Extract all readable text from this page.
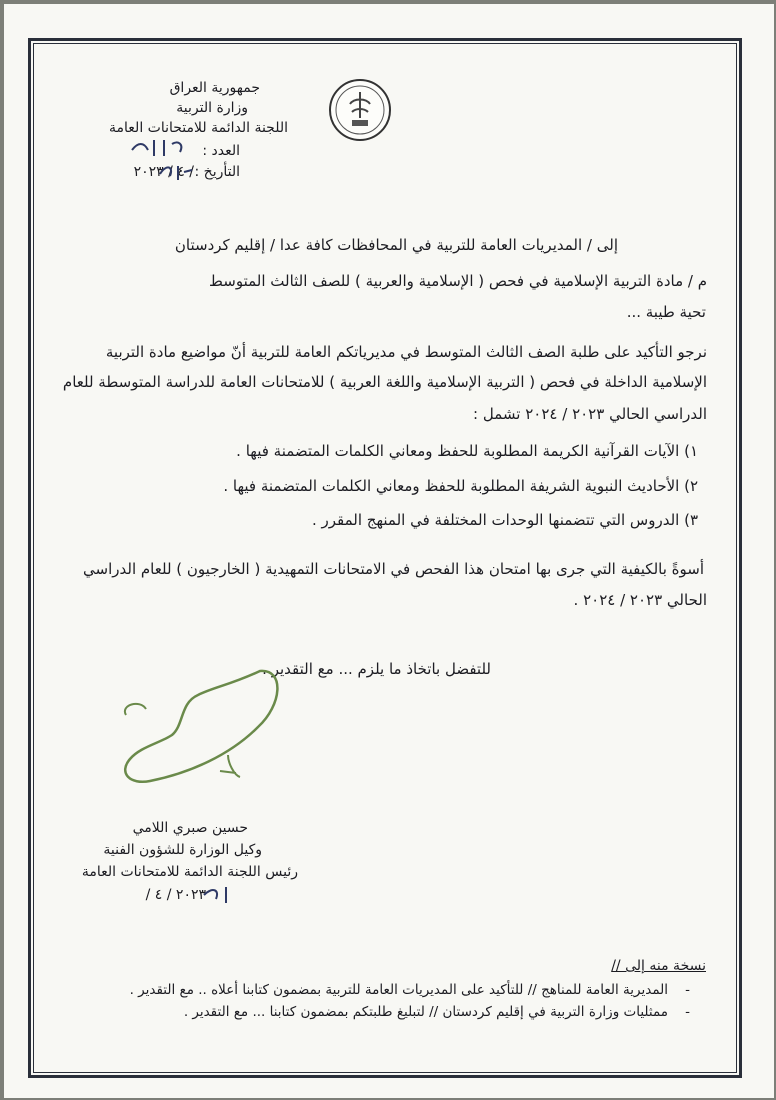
جمهورية العراق
وزارة التربية
اللجنة الدائمة للامتحانات العامة
العدد :
التأريخ :
/ ٤ / ٢٠٢٣
إلى / المديريات العامة للتربية في المحافظات كافة عدا / إقليم كردستان
م / مادة التربية الإسلامية في فحص ( الإسلامية والعربية ) للصف الثالث المتوسط
تحية طيبة ...
نرجو التأكيد على طلبة الصف الثالث المتوسط في مديرياتكم العامة للتربية أنّ مواضيع مادة التربية
الإسلامية الداخلة في فحص ( التربية الإسلامية واللغة العربية ) للامتحانات العامة للدراسة المتوسطة للعام
الدراسي الحالي ٢٠٢٣ / ٢٠٢٤ تشمل :
١) الآيات القرآنية الكريمة المطلوبة للحفظ ومعاني الكلمات المتضمنة فيها .
٢) الأحاديث النبوية الشريفة المطلوبة للحفظ ومعاني الكلمات المتضمنة فيها .
٣) الدروس التي تتضمنها الوحدات المختلفة في المنهج المقرر .
أسوةً بالكيفية التي جرى بها امتحان هذا الفحص في الامتحانات التمهيدية ( الخارجيون ) للعام الدراسي
الحالي ٢٠٢٣ / ٢٠٢٤ .
للتفضل باتخاذ ما يلزم ... مع التقدير .
حسين صبري اللامي
وكيل الوزارة للشؤون الفنية
رئيس اللجنة الدائمة للامتحانات العامة
٢٠٢٣ / ٤ /
نسخة منه إلى //
-
المديرية العامة للمناهج // للتأكيد على المديريات العامة للتربية بمضمون كتابنا أعلاه .. مع التقدير .
-
ممثليات وزارة التربية في إقليم كردستان // لتبليغ طلبتكم بمضمون كتابنا ... مع التقدير .
